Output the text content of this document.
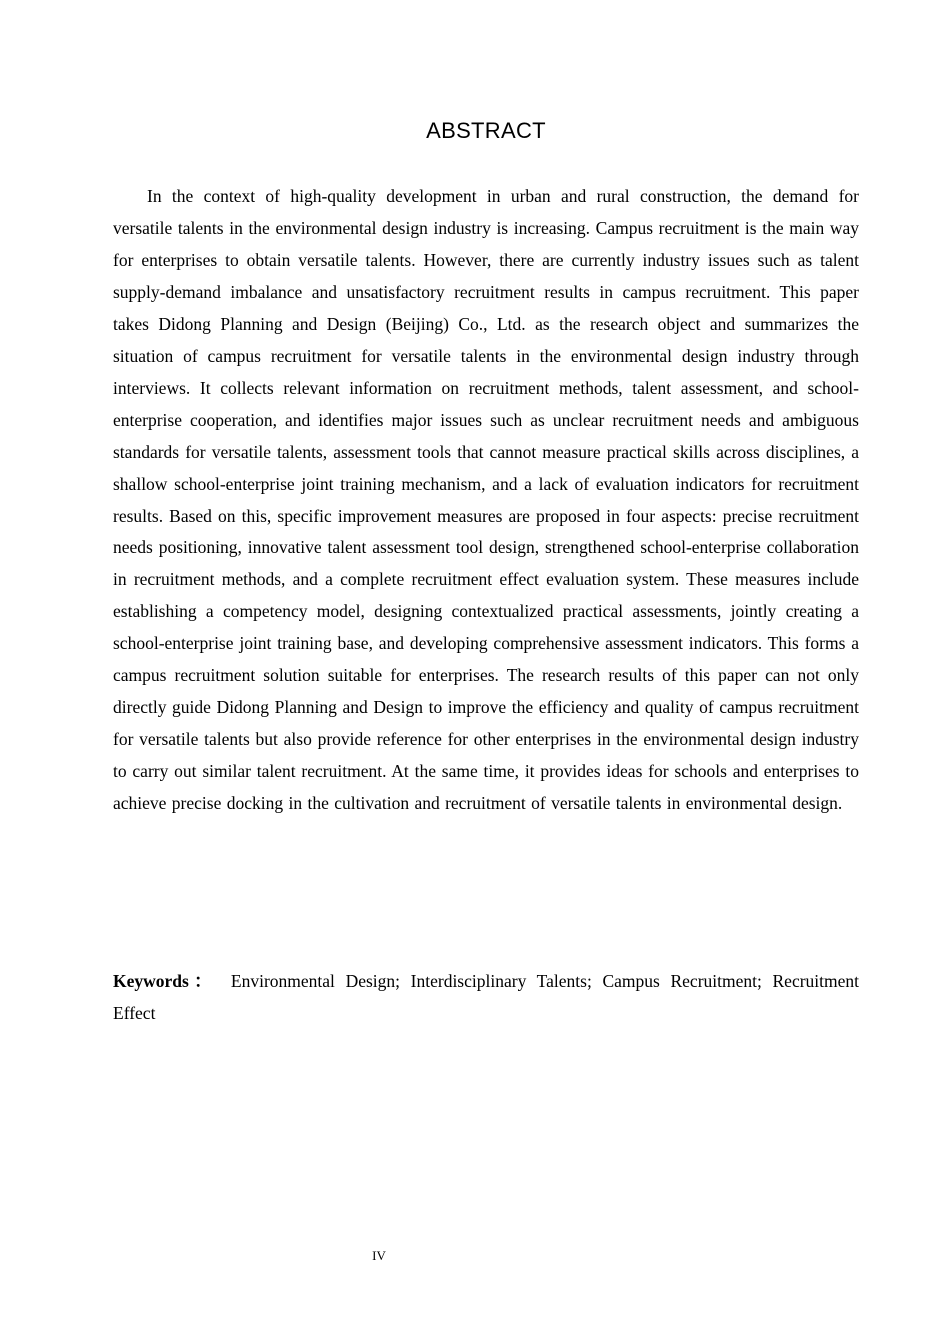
ABSTRACT

In the context of high-quality development in urban and rural construction, the demand for versatile talents in the environmental design industry is increasing. Campus recruitment is the main way for enterprises to obtain versatile talents. However, there are currently industry issues such as talent supply-demand imbalance and unsatisfactory recruitment results in campus recruitment. This paper takes Didong Planning and Design (Beijing) Co., Ltd. as the research object and summarizes the situation of campus recruitment for versatile talents in the environmental design industry through interviews. It collects relevant information on recruitment methods, talent assessment, and school-enterprise cooperation, and identifies major issues such as unclear recruitment needs and ambiguous standards for versatile talents, assessment tools that cannot measure practical skills across disciplines, a shallow school-enterprise joint training mechanism, and a lack of evaluation indicators for recruitment results. Based on this, specific improvement measures are proposed in four aspects: precise recruitment needs positioning, innovative talent assessment tool design, strengthened school-enterprise collaboration in recruitment methods, and a complete recruitment effect evaluation system. These measures include establishing a competency model, designing contextualized practical assessments, jointly creating a school-enterprise joint training base, and developing comprehensive assessment indicators. This forms a campus recruitment solution suitable for enterprises. The research results of this paper can not only directly guide Didong Planning and Design to improve the efficiency and quality of campus recruitment for versatile talents but also provide reference for other enterprises in the environmental design industry to carry out similar talent recruitment. At the same time, it provides ideas for schools and enterprises to achieve precise docking in the cultivation and recruitment of versatile talents in environmental design.

Keywords： Environmental Design; Interdisciplinary Talents; Campus Recruitment; Recruitment Effect

IV
